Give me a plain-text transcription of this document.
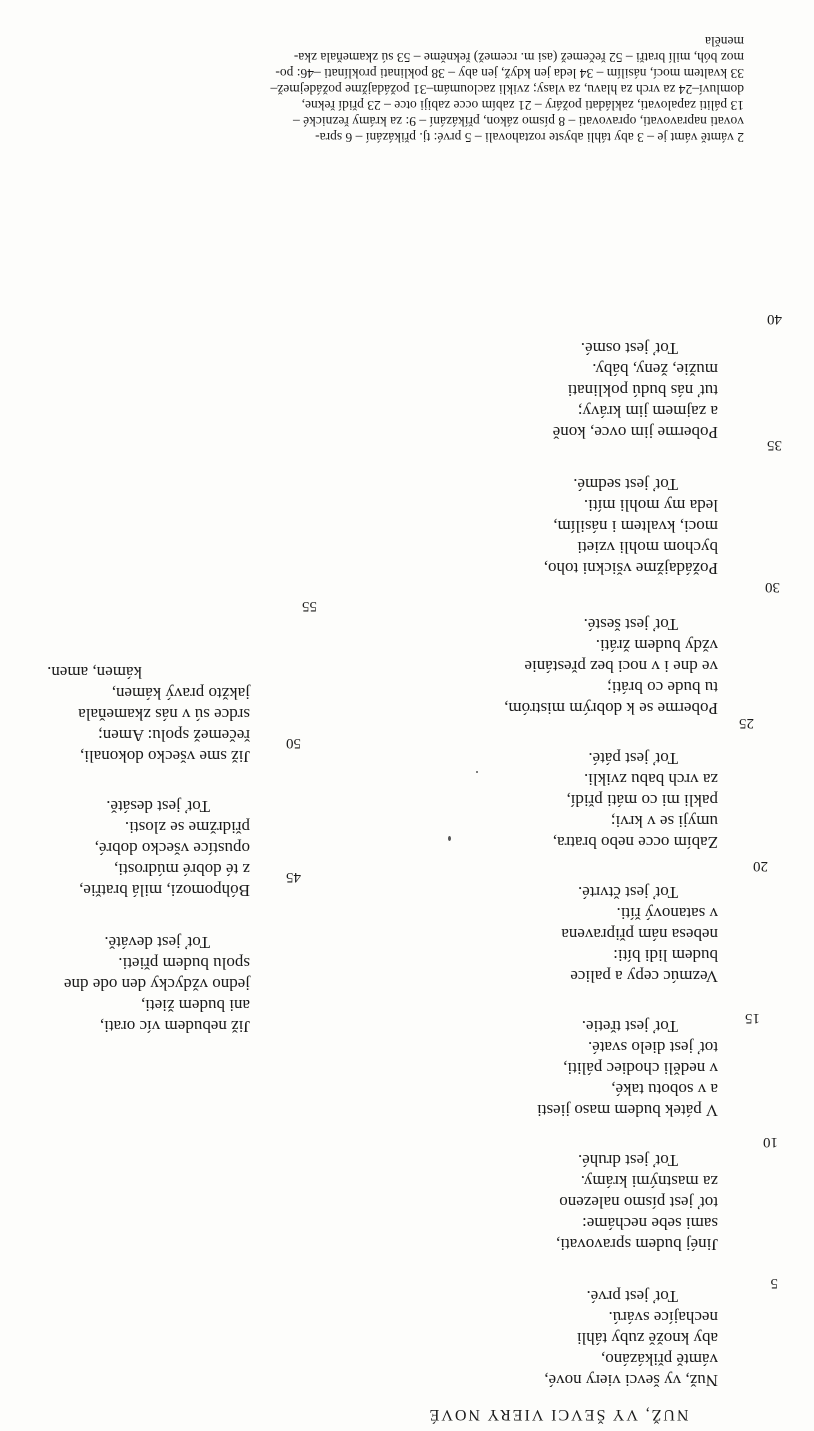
NUŽ, VY ŠEVCI VIERY NOVÉ
Nuž, vy ševci viery nové,
vámtě přikázáno,
aby knožě zuby táhli
nechajíce svárú.
Toť jest prvé.
Jinéj budem spravovati,
sami sebe necháme:
toť jest písmo nalezeno
za mastnými krámy.
Toť jest druhé.
V pátek budem maso jiesti
a v sobotu také,
v neděli chodiec páliti,
toť jest dielo svaté.
Toť jest třetie.
Vezmúc cepy a palice
budem lidi bíti:
nebesa nám připravena
v satanový říti.
Toť jest čtvrté.
Zabím occe nebo bratra,
umyji se v krvi;
pakli mi co máti přidí,
za vrch babu zvikli.
Toť jest páté.
Poberme se k dobrým mistróm,
tu bude co bráti;
ve dne i v noci bez přestánie
vždy budem žráti.
Toť jest šesté.
Požádajžme všickni toho,
bychom mohli vzieti
moci, kvaltem i násilím,
leda my mohli míti.
Toť jest sedmé.
Poberme jim ovce, koně
a zajmem jim krávy;
tuť nás budú poklinati
mužie, ženy, báby.
Toť jest osmé.
Již nebudem víc orati,
ani budem žieti,
jedno vždycky den ode dne
spolu budem přieti.
Toť jest devátě.
Bóhpomozi, milá bratřie,
z té dobré múdrosti,
opustíce všecko dobré,
přidržme se zlosti.
Toť jest desátě.
Již sme všecko dokonali,
řečemež spolu: Amen;
srdce sú v nás zkameňala
jakžto pravý kámen,
kámen, amen.
5
10
15
20
25
30
35
40
45
50
55
2 vámtě vámt je – 3 aby táhli abyste roztahovali – 5 prvé: tj. přikázání – 6 spra-
vovati napravovati, opravovati – 8 písmo zákon, příkázání – 9: za krámy řeznické –
13 páliti zapalovati, zakládati požáry – 21 zabím occe zabiji otce – 23 přidí řekne,
domluví–24 za vrch za hlavu, za vlasy; zvikli zacloumám–31 požádajžme požádejmež–
33 kvaltem mocí, násilím – 34 leda jen když, jen aby – 38 poklinati proklínati –46: po-
moz bóh, milí bratři – 52 řečemež (asi m. rcemež) řekněme – 53 sú zkameňala zka-
meněla
